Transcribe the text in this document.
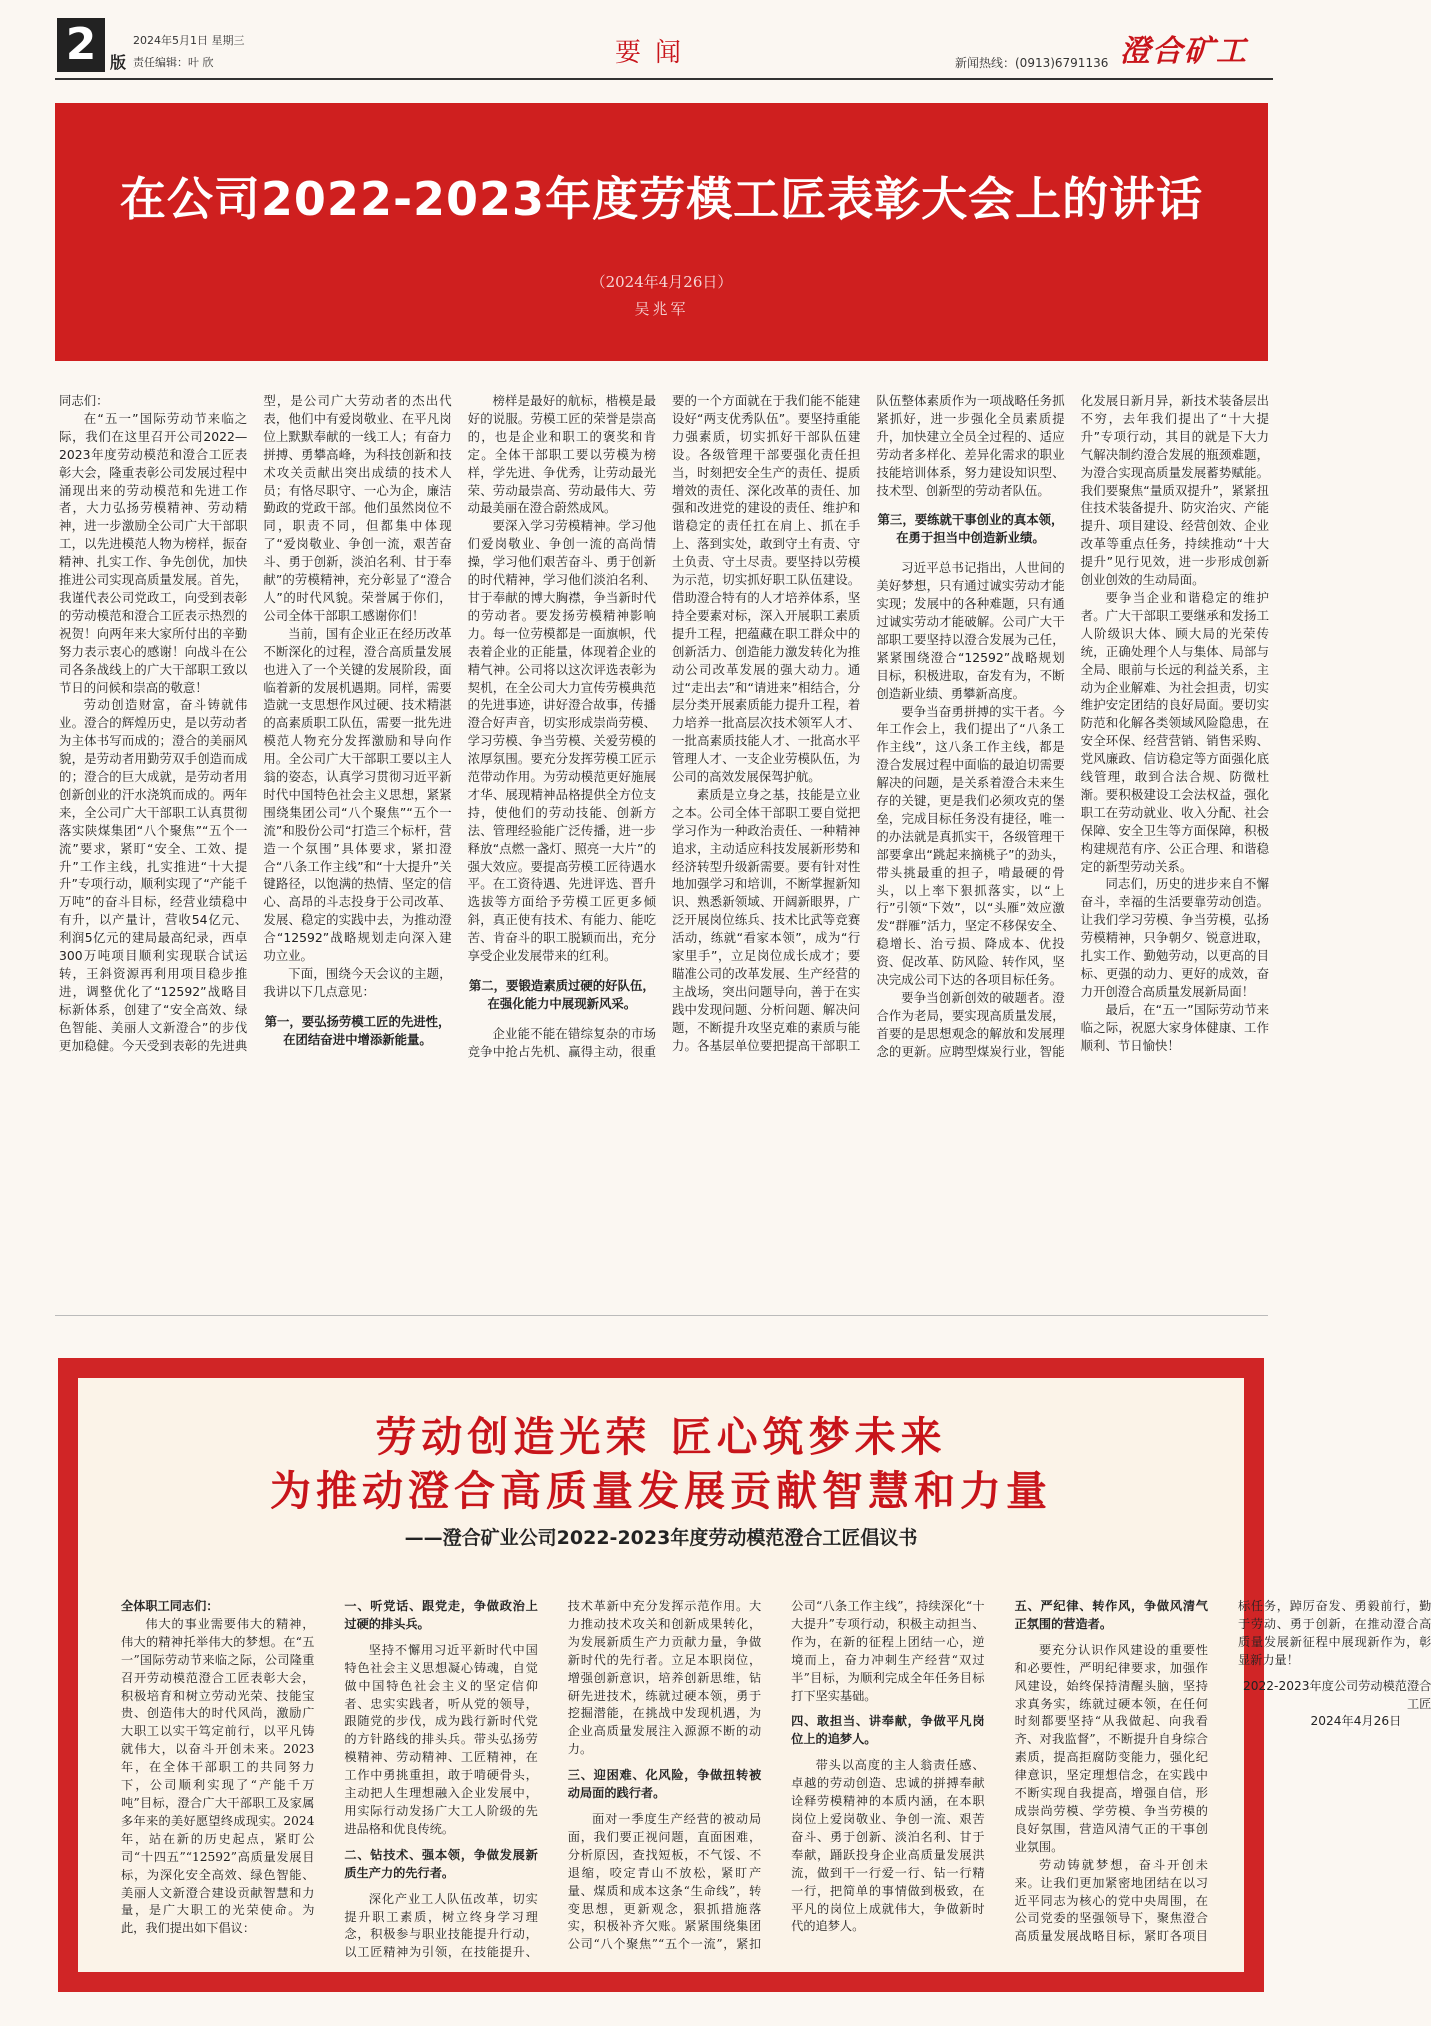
2 版
2024年5月1日 星期三
责任编辑：叶 欣	要闻	新闻热线：(0913)6791136 澄合矿工
在公司2022-2023年度劳模工匠表彰大会上的讲话
（2024年4月26日）
吴兆军

同志们：

在“五一”国际劳动节来临之际，我们在这里召开公司2022—2023年度劳动模范和澄合工匠表彰大会，隆重表彰公司发展过程中涌现出来的劳动模范和先进工作者，大力弘扬劳模精神、劳动精神，进一步激励全公司广大干部职工，以先进模范人物为榜样，振奋精神、扎实工作、争先创优，加快推进公司实现高质量发展。首先，我谨代表公司党政工，向受到表彰的劳动模范和澄合工匠表示热烈的祝贺！向两年来大家所付出的辛勤努力表示衷心的感谢！向战斗在公司各条战线上的广大干部职工致以节日的问候和崇高的敬意！

劳动创造财富，奋斗铸就伟业。澄合的辉煌历史，是以劳动者为主体书写而成的；澄合的美丽风貌，是劳动者用勤劳双手创造而成的；澄合的巨大成就，是劳动者用创新创业的汗水浇筑而成的。两年来，全公司广大干部职工认真贯彻落实陕煤集团“八个聚焦”“五个一流”要求，紧盯“安全、工效、提升”工作主线，扎实推进“十大提升”专项行动，顺利实现了“产能千万吨”的奋斗目标，经营业绩稳中有升，以产量计，营收54亿元、利润5亿元的建局最高纪录，西卓300万吨项目顺利实现联合试运转，王斜资源再利用项目稳步推进，调整优化了“12592”战略目标新体系，创建了“安全高效、绿色智能、美丽人文新澄合”的步伐更加稳健。今天受到表彰的先进典型，是公司广大劳动者的杰出代表，他们中有爱岗敬业、在平凡岗位上默默奉献的一线工人；有奋力拼搏、勇攀高峰，为科技创新和技术攻关贡献出突出成绩的技术人员；有恪尽职守、一心为企，廉洁勤政的党政干部。他们虽然岗位不同，职责不同，但都集中体现了“爱岗敬业、争创一流，艰苦奋斗、勇于创新，淡泊名利、甘于奉献”的劳模精神，充分彰显了“澄合人”的时代风貌。荣誉属于你们，公司全体干部职工感谢你们！

当前，国有企业正在经历改革不断深化的过程，澄合高质量发展也进入了一个关键的发展阶段，面临着新的发展机遇期。同样，需要造就一支思想作风过硬、技术精湛的高素质职工队伍，需要一批先进模范人物充分发挥激励和导向作用。全公司广大干部职工要以主人翁的姿态，认真学习贯彻习近平新时代中国特色社会主义思想，紧紧围绕集团公司“八个聚焦”“五个一流”和股份公司“打造三个标杆，营造一个氛围”具体要求，紧扣澄合“八条工作主线”和“十大提升”关键路径，以饱满的热情、坚定的信心、高昂的斗志投身于公司改革、发展、稳定的实践中去，为推动澄合“12592”战略规划走向深入建功立业。

下面，围绕今天会议的主题，我讲以下几点意见：

第一，要弘扬劳模工匠的先进性，在团结奋进中增添新能量。

榜样是最好的航标，楷模是最好的说服。劳模工匠的荣誉是崇高的，也是企业和职工的褒奖和肯定。全体干部职工要以劳模为榜样，学先进、争优秀，让劳动最光荣、劳动最崇高、劳动最伟大、劳动最美丽在澄合蔚然成风。

要深入学习劳模精神。学习他们爱岗敬业、争创一流的高尚情操，学习他们艰苦奋斗、勇于创新的时代精神，学习他们淡泊名利、甘于奉献的博大胸襟，争当新时代的劳动者。要发扬劳模精神影响力。每一位劳模都是一面旗帜，代表着企业的正能量，体现着企业的精气神。公司将以这次评选表彰为契机，在全公司大力宣传劳模典范的先进事迹，讲好澄合故事，传播澄合好声音，切实形成崇尚劳模、学习劳模、争当劳模、关爱劳模的浓厚氛围。要充分发挥劳模工匠示范带动作用。为劳动模范更好施展才华、展现精神品格提供全方位支持，使他们的劳动技能、创新方法、管理经验能广泛传播，进一步释放“点燃一盏灯、照亮一大片”的强大效应。要提高劳模工匠待遇水平。在工资待遇、先进评选、晋升选拔等方面给予劳模工匠更多倾斜，真正使有技术、有能力、能吃苦、肯奋斗的职工脱颖而出，充分享受企业发展带来的红利。

第二，要锻造素质过硬的好队伍，在强化能力中展现新风采。

企业能不能在错综复杂的市场竞争中抢占先机、赢得主动，很重要的一个方面就在于我们能不能建设好“两支优秀队伍”。要坚持重能力强素质，切实抓好干部队伍建设。各级管理干部要强化责任担当，时刻把安全生产的责任、提质增效的责任、深化改革的责任、加强和改进党的建设的责任、维护和谐稳定的责任扛在肩上、抓在手上、落到实处，敢到守土有责、守土负责、守土尽责。要坚持以劳模为示范，切实抓好职工队伍建设。借助澄合特有的人才培养体系，坚持全要素对标，深入开展职工素质提升工程，把蕴藏在职工群众中的创新活力、创造能力激发转化为推动公司改革发展的强大动力。通过“走出去”和“请进来”相结合，分层分类开展素质能力提升工程，着力培养一批高层次技术领军人才、一批高素质技能人才、一批高水平管理人才、一支企业劳模队伍，为公司的高效发展保驾护航。

素质是立身之基，技能是立业之本。公司全体干部职工要自觉把学习作为一种政治责任、一种精神追求，主动适应科技发展新形势和经济转型升级新需要。要有针对性地加强学习和培训，不断掌握新知识、熟悉新领域、开阔新眼界，广泛开展岗位练兵、技术比武等竞赛活动，练就“看家本领”，成为“行家里手”，立足岗位成长成才；要瞄准公司的改革发展、生产经营的主战场，突出问题导向，善于在实践中发现问题、分析问题、解决问题，不断提升攻坚克难的素质与能力。各基层单位要把提高干部职工队伍整体素质作为一项战略任务抓紧抓好，进一步强化全员素质提升，加快建立全员全过程的、适应劳动者多样化、差异化需求的职业技能培训体系，努力建设知识型、技术型、创新型的劳动者队伍。

第三，要练就干事创业的真本领，在勇于担当中创造新业绩。

习近平总书记指出，人世间的美好梦想，只有通过诚实劳动才能实现；发展中的各种难题，只有通过诚实劳动才能破解。公司广大干部职工要坚持以澄合发展为己任，紧紧围绕澄合“12592”战略规划目标，积极进取，奋发有为，不断创造新业绩、勇攀新高度。

要争当奋勇拼搏的实干者。今年工作会上，我们提出了“八条工作主线”，这八条工作主线，都是澄合发展过程中面临的最迫切需要解决的问题，是关系着澄合未来生存的关键，更是我们必须攻克的堡垒，完成目标任务没有捷径，唯一的办法就是真抓实干，各级管理干部要拿出“跳起来摘桃子”的劲头，带头挑最重的担子，啃最硬的骨头，以上率下狠抓落实，以“上行”引领“下效”，以“头雁”效应激发“群雁”活力，坚定不移保安全、稳增长、治亏损、降成本、优投资、促改革、防风险、转作风，坚决完成公司下达的各项目标任务。

要争当创新创效的破题者。澄合作为老局，要实现高质量发展，首要的是思想观念的解放和发展理念的更新。应聘型煤炭行业，智能化发展日新月异，新技术装备层出不穷，去年我们提出了“十大提升”专项行动，其目的就是下大力气解决制约澄合发展的瓶颈难题，为澄合实现高质量发展蓄势赋能。我们要聚焦“量质双提升”，紧紧扭住技术装备提升、防灾治灾、产能提升、项目建设、经营创效、企业改革等重点任务，持续推动“十大提升”见行见效，进一步形成创新创业创效的生动局面。

要争当企业和谐稳定的维护者。广大干部职工要继承和发扬工人阶级识大体、顾大局的光荣传统，正确处理个人与集体、局部与全局、眼前与长远的利益关系，主动为企业解难、为社会担责，切实维护安定团结的良好局面。要切实防范和化解各类领域风险隐患，在安全环保、经营营销、销售采购、党风廉政、信访稳定等方面强化底线管理，敢到合法合规、防微杜渐。要积极建设工会法权益，强化职工在劳动就业、收入分配、社会保障、安全卫生等方面保障，积极构建规范有序、公正合理、和谐稳定的新型劳动关系。

同志们，历史的进步来自不懈奋斗，幸福的生活要靠劳动创造。让我们学习劳模、争当劳模，弘扬劳模精神，只争朝夕、锐意进取，扎实工作、勤勉劳动，以更高的目标、更强的动力、更好的成效，奋力开创澄合高质量发展新局面！

最后，在“五一”国际劳动节来临之际，祝愿大家身体健康、工作顺利、节日愉快！

劳动创造光荣 匠心筑梦未来
为推动澄合高质量发展贡献智慧和力量
——澄合矿业公司2022-2023年度劳动模范澄合工匠倡议书

全体职工同志们：

伟大的事业需要伟大的精神，伟大的精神托举伟大的梦想。在“五一”国际劳动节来临之际，公司隆重召开劳动模范澄合工匠表彰大会，积极培育和树立劳动光荣、技能宝贵、创造伟大的时代风尚，激励广大职工以实干笃定前行，以平凡铸就伟大，以奋斗开创未来。2023年，在全体干部职工的共同努力下，公司顺利实现了“产能千万吨”目标，澄合广大干部职工及家属多年来的美好愿望终成现实。2024年，站在新的历史起点，紧盯公司“十四五”“12592”高质量发展目标，为深化安全高效、绿色智能、美丽人文新澄合建设贡献智慧和力量，是广大职工的光荣使命。为此，我们提出如下倡议：

一、听党话、跟党走，争做政治上过硬的排头兵。

坚持不懈用习近平新时代中国特色社会主义思想凝心铸魂，自觉做中国特色社会主义的坚定信仰者、忠实实践者，听从党的领导，跟随党的步伐，成为践行新时代党的方针路线的排头兵。带头弘扬劳模精神、劳动精神、工匠精神，在工作中勇挑重担，敢于啃硬骨头，主动把人生理想融入企业发展中，用实际行动发扬广大工人阶级的先进品格和优良传统。

二、钻技术、强本领，争做发展新质生产力的先行者。

深化产业工人队伍改革，切实提升职工素质，树立终身学习理念，积极参与职业技能提升行动，以工匠精神为引领，在技能提升、技术革新中充分发挥示范作用。大力推动技术攻关和创新成果转化，为发展新质生产力贡献力量，争做新时代的先行者。立足本职岗位，增强创新意识，培养创新思维，钻研先进技术，练就过硬本领，勇于挖掘潜能，在挑战中发现机遇，为企业高质量发展注入源源不断的动力。

三、迎困难、化风险，争做扭转被动局面的践行者。

面对一季度生产经营的被动局面，我们要正视问题，直面困难，分析原因，查找短板，不气馁、不退缩，咬定青山不放松，紧盯产量、煤质和成本这条“生命线”，转变思想，更新观念，狠抓措施落实，积极补齐欠账。紧紧围绕集团公司“八个聚焦”“五个一流”，紧扣公司“八条工作主线”，持续深化“十大提升”专项行动，积极主动担当、作为，在新的征程上团结一心，逆境而上，奋力冲刺生产经营“双过半”目标，为顺利完成全年任务目标打下坚实基础。

四、敢担当、讲奉献，争做平凡岗位上的追梦人。

带头以高度的主人翁责任感、卓越的劳动创造、忠诚的拼搏奉献诠释劳模精神的本质内涵，在本职岗位上爱岗敬业、争创一流、艰苦奋斗、勇于创新、淡泊名利、甘于奉献，踊跃投身企业高质量发展洪流，做到干一行爱一行、钻一行精一行，把简单的事情做到极致，在平凡的岗位上成就伟大，争做新时代的追梦人。

五、严纪律、转作风，争做风清气正氛围的营造者。

要充分认识作风建设的重要性和必要性，严明纪律要求，加强作风建设，始终保持清醒头脑，坚持求真务实，练就过硬本领，在任何时刻都要坚持“从我做起、向我看齐、对我监督”，不断提升自身综合素质，提高拒腐防变能力，强化纪律意识，坚定理想信念，在实践中不断实现自我提高，增强自信，形成崇尚劳模、学劳模、争当劳模的良好氛围，营造风清气正的干事创业氛围。

劳动铸就梦想，奋斗开创未来。让我们更加紧密地团结在以习近平同志为核心的党中央周围，在公司党委的坚强领导下，聚焦澄合高质量发展战略目标，紧盯各项目标任务，踔厉奋发、勇毅前行，勤于劳动、勇于创新，在推动澄合高质量发展新征程中展现新作为，彰显新力量！

2022-2023年度公司劳动模范澄合工匠

2024年4月26日
